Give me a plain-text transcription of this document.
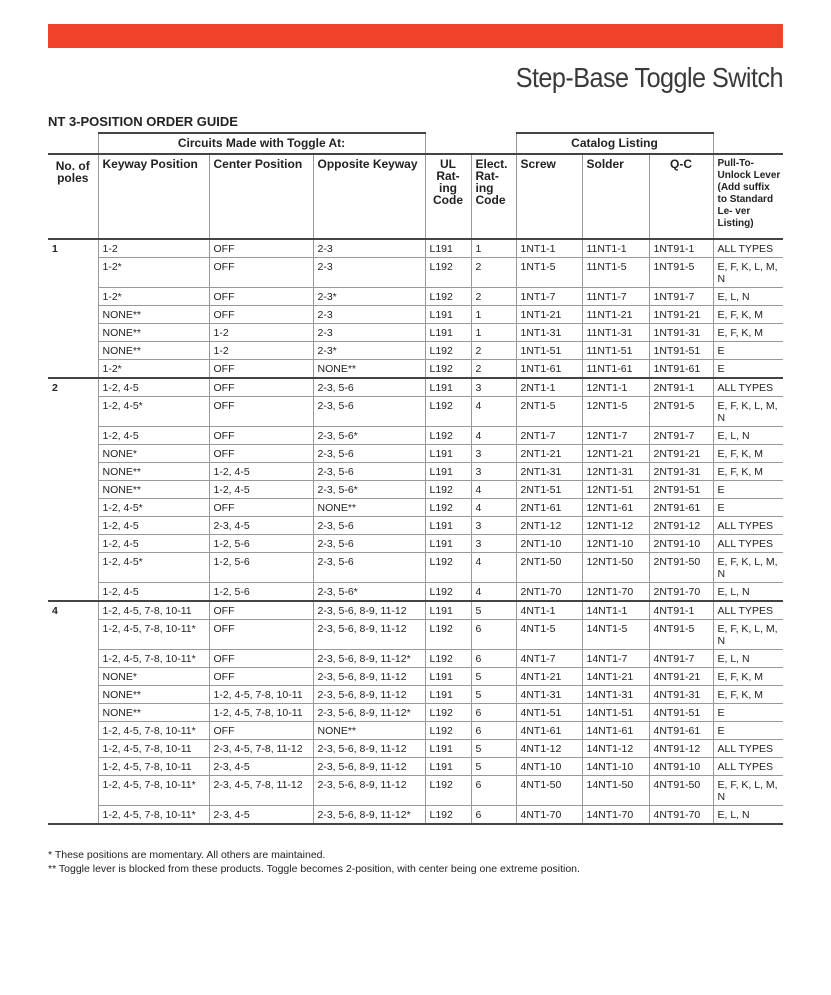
Step-Base Toggle Switch
NT 3-POSITION ORDER GUIDE
	Circuits Made with Toggle At:					Catalog Listing			
No. of poles	Keyway Position	Center Position	Opposite Keyway	UL Rat- ing Code	Elect. Rat- ing Code	Screw	Solder	Q-C	Pull-To- Unlock Lever (Add suffix to Standard Le- ver Listing)
1	1-2	OFF	2-3	L191	1	1NT1-1	11NT1-1	1NT91-1	ALL TYPES
	1-2*	OFF	2-3	L192	2	1NT1-5	11NT1-5	1NT91-5	E, F, K, L, M, N
	1-2*	OFF	2-3*	L192	2	1NT1-7	11NT1-7	1NT91-7	E, L, N
	NONE**	OFF	2-3	L191	1	1NT1-21	11NT1-21	1NT91-21	E, F, K, M
	NONE**	1-2	2-3	L191	1	1NT1-31	11NT1-31	1NT91-31	E, F, K, M
	NONE**	1-2	2-3*	L192	2	1NT1-51	11NT1-51	1NT91-51	E
	1-2*	OFF	NONE**	L192	2	1NT1-61	11NT1-61	1NT91-61	E
2	1-2, 4-5	OFF	2-3, 5-6	L191	3	2NT1-1	12NT1-1	2NT91-1	ALL TYPES
	1-2, 4-5*	OFF	2-3, 5-6	L192	4	2NT1-5	12NT1-5	2NT91-5	E, F, K, L, M, N
	1-2, 4-5	OFF	2-3, 5-6*	L192	4	2NT1-7	12NT1-7	2NT91-7	E, L, N
	NONE*	OFF	2-3, 5-6	L191	3	2NT1-21	12NT1-21	2NT91-21	E, F, K, M
	NONE**	1-2, 4-5	2-3, 5-6	L191	3	2NT1-31	12NT1-31	2NT91-31	E, F, K, M
	NONE**	1-2, 4-5	2-3, 5-6*	L192	4	2NT1-51	12NT1-51	2NT91-51	E
	1-2, 4-5*	OFF	NONE**	L192	4	2NT1-61	12NT1-61	2NT91-61	E
	1-2, 4-5	2-3, 4-5	2-3, 5-6	L191	3	2NT1-12	12NT1-12	2NT91-12	ALL TYPES
	1-2, 4-5	1-2, 5-6	2-3, 5-6	L191	3	2NT1-10	12NT1-10	2NT91-10	ALL TYPES
	1-2, 4-5*	1-2, 5-6	2-3, 5-6	L192	4	2NT1-50	12NT1-50	2NT91-50	E, F, K, L, M, N
	1-2, 4-5	1-2, 5-6	2-3, 5-6*	L192	4	2NT1-70	12NT1-70	2NT91-70	E, L, N
4	1-2, 4-5, 7-8, 10-11	OFF	2-3, 5-6, 8-9, 11-12	L191	5	4NT1-1	14NT1-1	4NT91-1	ALL TYPES
	1-2, 4-5, 7-8, 10-11*	OFF	2-3, 5-6, 8-9, 11-12	L192	6	4NT1-5	14NT1-5	4NT91-5	E, F, K, L, M, N
	1-2, 4-5, 7-8, 10-11*	OFF	2-3, 5-6, 8-9, 11-12*	L192	6	4NT1-7	14NT1-7	4NT91-7	E, L, N
	NONE*	OFF	2-3, 5-6, 8-9, 11-12	L191	5	4NT1-21	14NT1-21	4NT91-21	E, F, K, M
	NONE**	1-2, 4-5, 7-8, 10-11	2-3, 5-6, 8-9, 11-12	L191	5	4NT1-31	14NT1-31	4NT91-31	E, F, K, M
	NONE**	1-2, 4-5, 7-8, 10-11	2-3, 5-6, 8-9, 11-12*	L192	6	4NT1-51	14NT1-51	4NT91-51	E
	1-2, 4-5, 7-8, 10-11*	OFF	NONE**	L192	6	4NT1-61	14NT1-61	4NT91-61	E
	1-2, 4-5, 7-8, 10-11	2-3, 4-5, 7-8, 11-12	2-3, 5-6, 8-9, 11-12	L191	5	4NT1-12	14NT1-12	4NT91-12	ALL TYPES
	1-2, 4-5, 7-8, 10-11	2-3, 4-5	2-3, 5-6, 8-9, 11-12	L191	5	4NT1-10	14NT1-10	4NT91-10	ALL TYPES
	1-2, 4-5, 7-8, 10-11*	2-3, 4-5, 7-8, 11-12	2-3, 5-6, 8-9, 11-12	L192	6	4NT1-50	14NT1-50	4NT91-50	E, F, K, L, M, N
	1-2, 4-5, 7-8, 10-11*	2-3, 4-5	2-3, 5-6, 8-9, 11-12*	L192	6	4NT1-70	14NT1-70	4NT91-70	E, L, N
* These positions are momentary. All others are maintained.
** Toggle lever is blocked from these products. Toggle becomes 2-position, with center being one extreme position.
